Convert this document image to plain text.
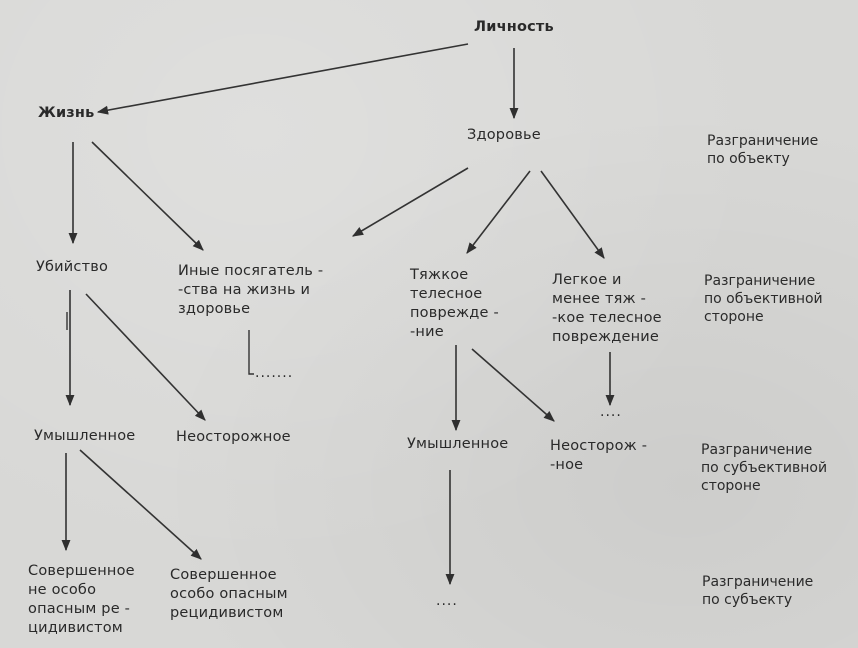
Личность
Жизнь
Здоровье
Убийство	Иные посягатель -
-ства на жизнь и
здоровье
Тяжкое
телесное
поврежде -
-ние
Легкое и
менее тяж -
-кое телесное
повреждение
.......
Умышленное	Неосторожное	Умышленное	Неосторож -
-ное
....
Совершенное
не особо
опасным ре -
цидивистом
Совершенное
особо опасным
рецидивистом
....
Разграничение
по объекту
Разграничение
по объективной
стороне
Разграничение
по субъективной
стороне
Разграничение
по субъекту
